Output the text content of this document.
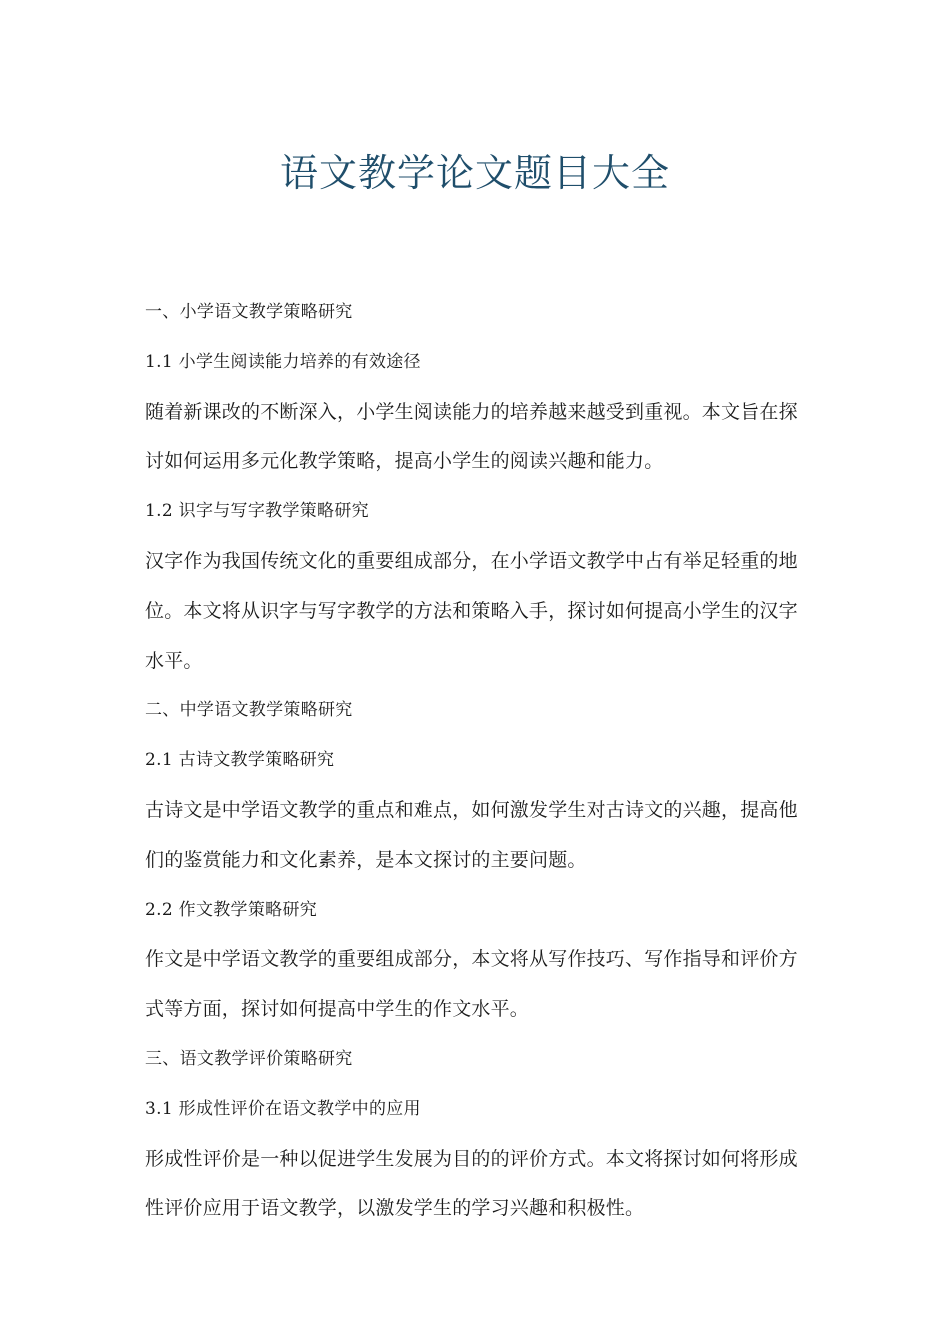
语文教学论文题目大全
一、小学语文教学策略研究
1.1 小学生阅读能力培养的有效途径
随着新课改的不断深入，小学生阅读能力的培养越来越受到重视。本文旨在探
讨如何运用多元化教学策略，提高小学生的阅读兴趣和能力。
1.2 识字与写字教学策略研究
汉字作为我国传统文化的重要组成部分，在小学语文教学中占有举足轻重的地
位。本文将从识字与写字教学的方法和策略入手，探讨如何提高小学生的汉字
水平。
二、中学语文教学策略研究
2.1 古诗文教学策略研究
古诗文是中学语文教学的重点和难点，如何激发学生对古诗文的兴趣，提高他
们的鉴赏能力和文化素养，是本文探讨的主要问题。
2.2 作文教学策略研究
作文是中学语文教学的重要组成部分，本文将从写作技巧、写作指导和评价方
式等方面，探讨如何提高中学生的作文水平。
三、语文教学评价策略研究
3.1 形成性评价在语文教学中的应用
形成性评价是一种以促进学生发展为目的的评价方式。本文将探讨如何将形成
性评价应用于语文教学，以激发学生的学习兴趣和积极性。
